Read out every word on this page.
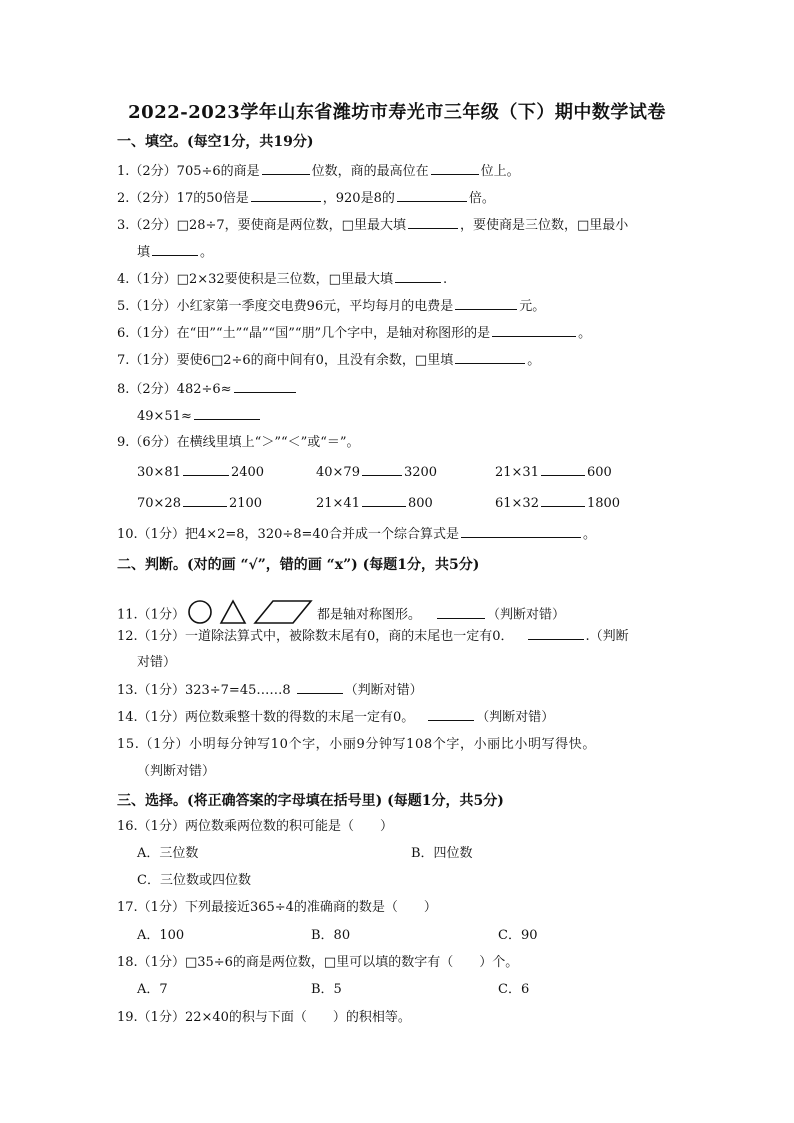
2022-2023学年山东省潍坊市寿光市三年级（下）期中数学试卷
一、填空。(每空1分，共19分)
1.（2分）705÷6的商是	位数，商的最高位在	位上。
2.（2分）17的50倍是	，920是8的	倍。
3.（2分）□28÷7，要使商是两位数，□里最大填	，要使商是三位数，□里最小
填	。
4.（1分）□2×32要使积是三位数，□里最大填	.
5.（1分）小红家第一季度交电费96元，平均每月的电费是	元。
6.（1分）在“田”“土”“晶”“国”“朋”几个字中，是轴对称图形的是	。
7.（1分）要使6□2÷6的商中间有0，且没有余数，□里填	。
8.（2分）482÷6≈
49×51≈
9.（6分）在横线里填上“＞”“＜”或“＝”。
30×81	2400	40×79	3200	21×31	600
70×28	2100	21×41	800	61×32	1800
10.（1分）把4×2=8，320÷8=40合并成一个综合算式是	。
二、判断。(对的画 “√”，错的画 “x”) (每题1分，共5分)
11.（1分）	都是轴对称图形。	（判断对错）
12.（1分）一道除法算式中，被除数末尾有0，商的末尾也一定有0．	.（判断
对错）
13.（1分）323÷7=45……8	（判断对错）
14.（1分）两位数乘整十数的得数的末尾一定有0。	（判断对错）
15.（1分）小明每分钟写10个字，小丽9分钟写108个字，小丽比小明写得快。
（判断对错）
三、选择。(将正确答案的字母填在括号里) (每题1分，共5分)
16.（1分）两位数乘两位数的积可能是（　　）
A．三位数	B．四位数
C．三位数或四位数
17.（1分）下列最接近365÷4的准确商的数是（　　）
A．100	B．80	C．90
18.（1分）□35÷6的商是两位数，□里可以填的数字有（　　）个。
A．7	B．5	C．6
19.（1分）22×40的积与下面（　　）的积相等。
